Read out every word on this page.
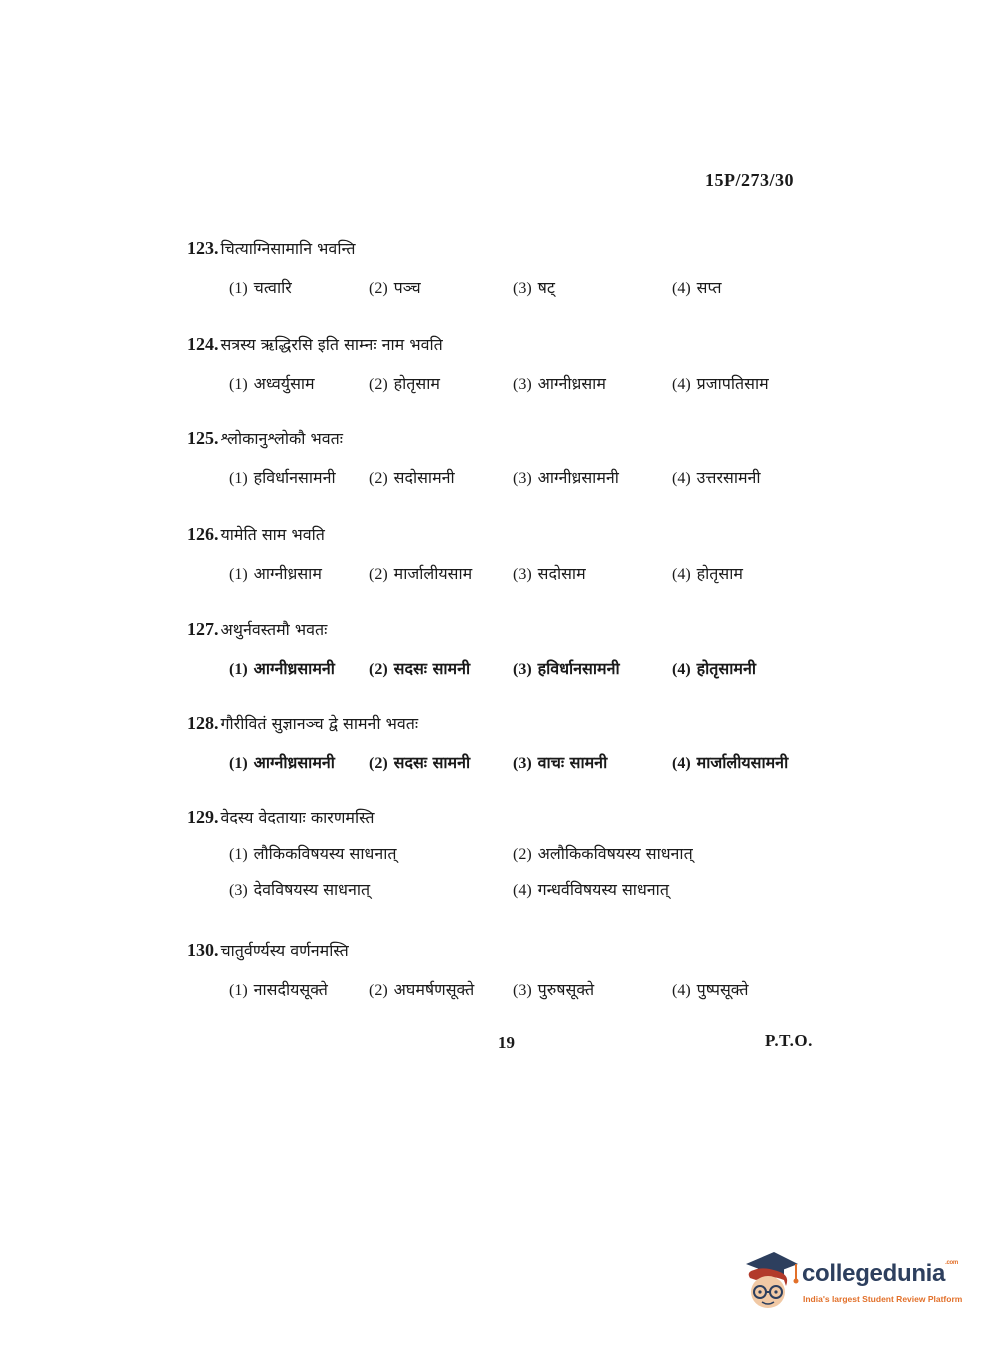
15P/273/30
123. चित्याग्निसामानि भवन्ति
(1) चत्वारि	(2) पञ्च	(3) षट्	(4) सप्त
124. सत्रस्य ऋद्धिरसि इति साम्नः नाम भवति
(1) अध्वर्युसाम	(2) होतृसाम	(3) आग्नीध्रसाम	(4) प्रजापतिसाम
125. श्लोकानुश्लोकौ भवतः
(1) हविर्धानसामनी (2) सदोसामनी	(3) आग्नीध्रसामनी	(4) उत्तरसामनी
126. यामेति साम भवति
(1) आग्नीध्रसाम	(2) मार्जालीयसाम	(3) सदोसाम	(4) होतृसाम
127. अथुर्नवस्तमौ भवतः
(1) आग्नीध्रसामनी (2) सदसः सामनी	(3) हविर्धानसामनी	(4) होतृसामनी
128. गौरीवितं सुज्ञानञ्च द्वे सामनी भवतः
(1) आग्नीध्रसामनी (2) सदसः सामनी	(3) वाचः सामनी	(4) मार्जालीयसामनी
129. वेदस्य वेदतायाः कारणमस्ति
(1) लौकिकविषयस्य साधनात्	(2) अलौकिकविषयस्य साधनात्
(3) देवविषयस्य साधनात्	(4) गन्धर्वविषयस्य साधनात्
130. चातुर्वर्ण्यस्य वर्णनमस्ति
(1) नासदीयसूक्ते	(2) अघमर्षणसूक्ते (3) पुरुषसूक्ते	(4) पुष्पसूक्ते
19	P.T.O.
collegedunia$^{.com}$
India's largest Student Review Platform
